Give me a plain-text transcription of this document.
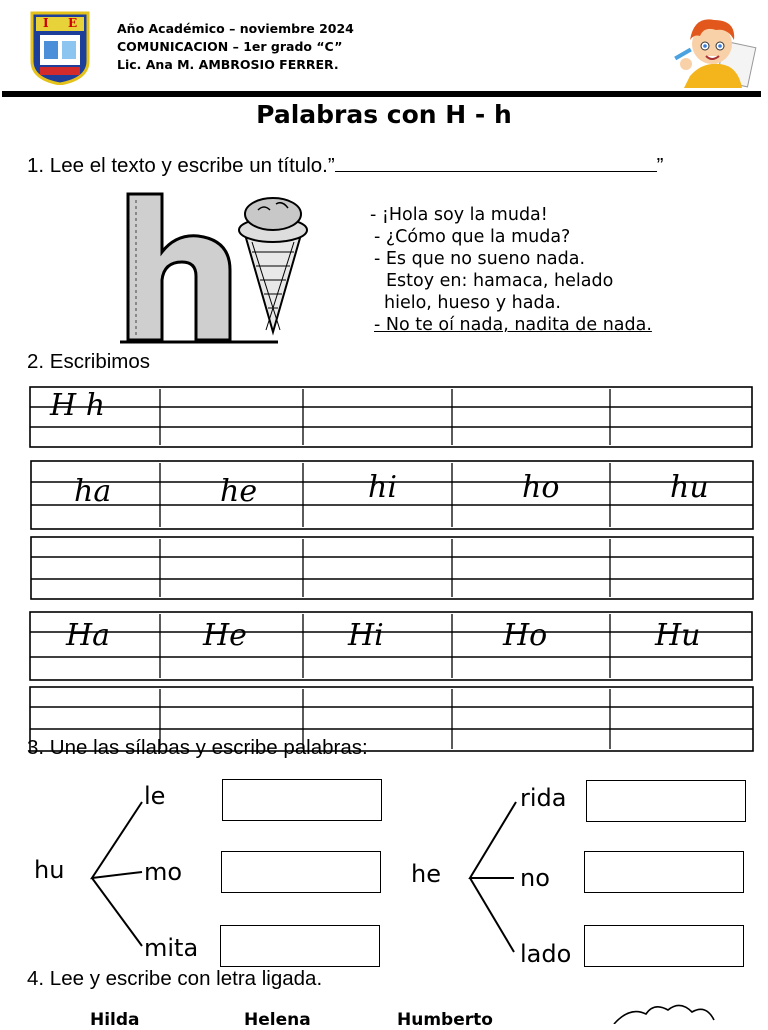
I E	Año Académico – noviembre 2024
COMUNICACION – 1er grado “C”
Lic. Ana M. AMBROSIO FERRER.
Palabras con H - h
1. Lee el texto y escribe un título.”	”
- ¡Hola soy la muda!
- ¿Cómo que la muda?
- Es que no sueno nada.
Estoy en: hamaca, helado
hielo, hueso y hada.
- No te oí nada, nadita de nada.
2. Escribimos
H h
ha	he	hi	ho	hu
Ha	He	Hi	Ho	Hu
3. Une las sílabas y escribe palabras:
hu
le
mo
mita
he
rida
no
lado
4. Lee y escribe con letra ligada.
Hilda	Helena	Humberto
